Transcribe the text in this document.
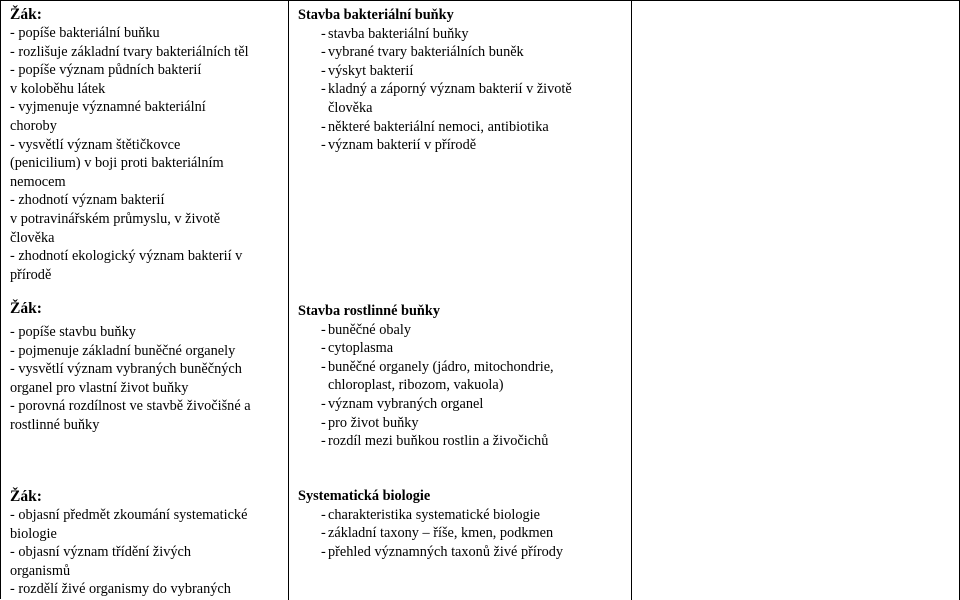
Žák:
- popíše bakteriální buňku
- rozlišuje základní tvary bakteriálních těl
- popíše význam půdních bakterií
v koloběhu látek
- vyjmenuje významné bakteriální
choroby
- vysvětlí význam štětičkovce
(penicilium) v boji proti bakteriálním
nemocem
- zhodnotí význam bakterií
v potravinářském průmyslu, v životě
člověka
- zhodnotí ekologický význam bakterií v
přírodě
Stavba bakteriální buňky
- stavba bakteriální buňky
- vybrané tvary bakteriálních buněk
- výskyt bakterií
- kladný a záporný význam bakterií v životě
člověka
- některé bakteriální nemoci, antibiotika
- význam bakterií v přírodě
Žák:
- popíše stavbu buňky
- pojmenuje základní buněčné organely
- vysvětlí význam vybraných buněčných
organel pro vlastní život buňky
- porovná rozdílnost ve stavbě živočišné a
rostlinné buňky
Stavba rostlinné buňky
- buněčné obaly
- cytoplasma
- buněčné organely (jádro, mitochondrie,
chloroplast, ribozom, vakuola)
- význam vybraných organel
- pro život buňky
- rozdíl mezi buňkou rostlin a živočichů
Žák:
- objasní předmět zkoumání systematické
biologie
- objasní význam třídění živých
organismů
- rozdělí živé organismy do vybraných
Systematická biologie
- charakteristika systematické biologie
- základní taxony – říše, kmen, podkmen
- přehled významných taxonů živé přírody
